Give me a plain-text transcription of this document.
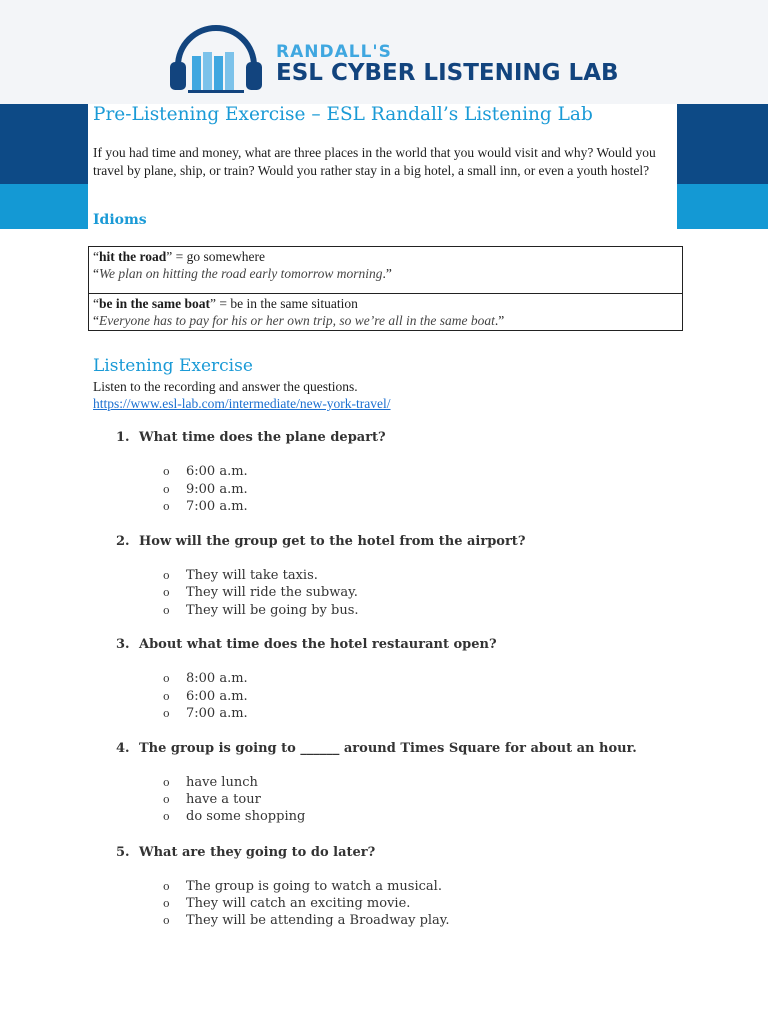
RANDALL'S
ESL CYBER LISTENING LAB
Pre-Listening Exercise – ESL Randall’s Listening Lab
If you had time and money, what are three places in the world that you would visit and why? Would you travel by plane, ship, or train? Would you rather stay in a big hotel, a small inn, or even a youth hostel?
Idioms
“hit the road” = go somewhere
“We plan on hitting the road early tomorrow morning.”
“be in the same boat” = be in the same situation
“Everyone has to pay for his or her own trip, so we’re all in the same boat.”
Listening Exercise
Listen to the recording and answer the questions.
https://www.esl-lab.com/intermediate/new-york-travel/
1. What time does the plane depart?
o 6:00 a.m.
o 9:00 a.m.
o 7:00 a.m.
2. How will the group get to the hotel from the airport?
o They will take taxis.
o They will ride the subway.
o They will be going by bus.
3. About what time does the hotel restaurant open?
o 8:00 a.m.
o 6:00 a.m.
o 7:00 a.m.
4. The group is going to ______ around Times Square for about an hour.
o have lunch
o have a tour
o do some shopping
5. What are they going to do later?
o The group is going to watch a musical.
o They will catch an exciting movie.
o They will be attending a Broadway play.
